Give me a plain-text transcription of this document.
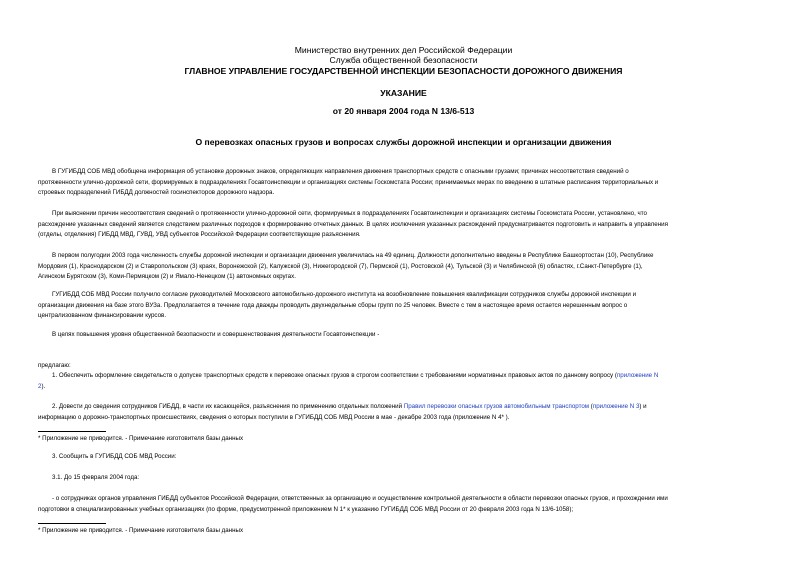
Министерство внутренних дел Российской Федерации
Служба общественной безопасности
ГЛАВНОЕ УПРАВЛЕНИЕ ГОСУДАРСТВЕННОЙ ИНСПЕКЦИИ БЕЗОПАСНОСТИ ДОРОЖНОГО ДВИЖЕНИЯ
УКАЗАНИЕ
от 20 января 2004 года N 13/6-513
О перевозках опасных грузов и вопросах службы дорожной инспекции и организации движения
В ГУГИБДД СОБ МВД обобщена информация об установке дорожных знаков, определяющих направления движения транспортных средств с опасными грузами; причинах несоответствия сведений о
протяженности улично-дорожной сети, формируемых в подразделениях Госавтоинспекции и организациях системы Госкомстата России; принимаемых мерах по введению в штатные расписания территориальных и
строевых подразделений ГИБДД должностей госинспекторов дорожного надзора.
При выяснении причин несоответствия сведений о протяженности улично-дорожной сети, формируемых в подразделениях Госавтоинспекции и организациях системы Госкомстата России, установлено, что
расхождение указанных сведений является следствием различных подходов к формированию отчетных данных. В целях исключения указанных расхождений предусматривается подготовить и направить в управления
(отделы, отделения) ГИБДД МВД, ГУВД, УВД субъектов Российской Федерации соответствующие разъяснения.
В первом полугодии 2003 года численность службы дорожной инспекции и организации движения увеличилась на 49 единиц. Должности дополнительно введены в Республике Башкортостан (10), Республике
Мордовия (1), Краснодарском (2) и Ставропольском (3) краях, Воронежской (2), Калужской (3), Нижегородской (7), Пермской (1), Ростовской (4), Тульской (3) и Челябинской (6) областях, г.Санкт-Петербурге (1),
Агинском Бурятском (3), Коми-Пермяцком (2) и Ямало-Ненецком (1) автономных округах.
ГУГИБДД СОБ МВД России получило согласие руководителей Московского автомобильно-дорожного института на возобновление повышения квалификации сотрудников службы дорожной инспекции и
организации движения на базе этого ВУЗа. Предполагается в течение года дважды проводить двухнедельные сборы групп по 25 человек. Вместе с тем в настоящее время остается нерешенным вопрос о
централизованном финансировании курсов.
В целях повышения уровня общественной безопасности и совершенствования деятельности Госавтоинспекции -
предлагаю:
1. Обеспечить оформление свидетельств о допуске транспортных средств к перевозке опасных грузов в строгом соответствии с требованиями нормативных правовых актов по данному вопросу (приложение N
2).
2. Довести до сведения сотрудников ГИБДД, в части их касающейся, разъяснения по применению отдельных положений Правил перевозки опасных грузов автомобильным транспортом (приложение N 3) и
информацию о дорожно-транспортных происшествиях, сведения о которых поступили в ГУГИБДД СОБ МВД России в мае - декабре 2003 года (приложение N 4* ).
* Приложение не приводится. - Примечание изготовителя базы данных
3. Сообщить в ГУГИБДД СОБ МВД России:
3.1. До 15 февраля 2004 года:
- о сотрудниках органов управления ГИБДД субъектов Российской Федерации, ответственных за организацию и осуществление контрольной деятельности в области перевозки опасных грузов, и прохождении ими
подготовки в специализированных учебных организациях (по форме, предусмотренной приложением N 1* к указанию ГУГИБДД СОБ МВД России от 20 февраля 2003 года N 13/6-1058);
* Приложение не приводится. - Примечание изготовителя базы данных
